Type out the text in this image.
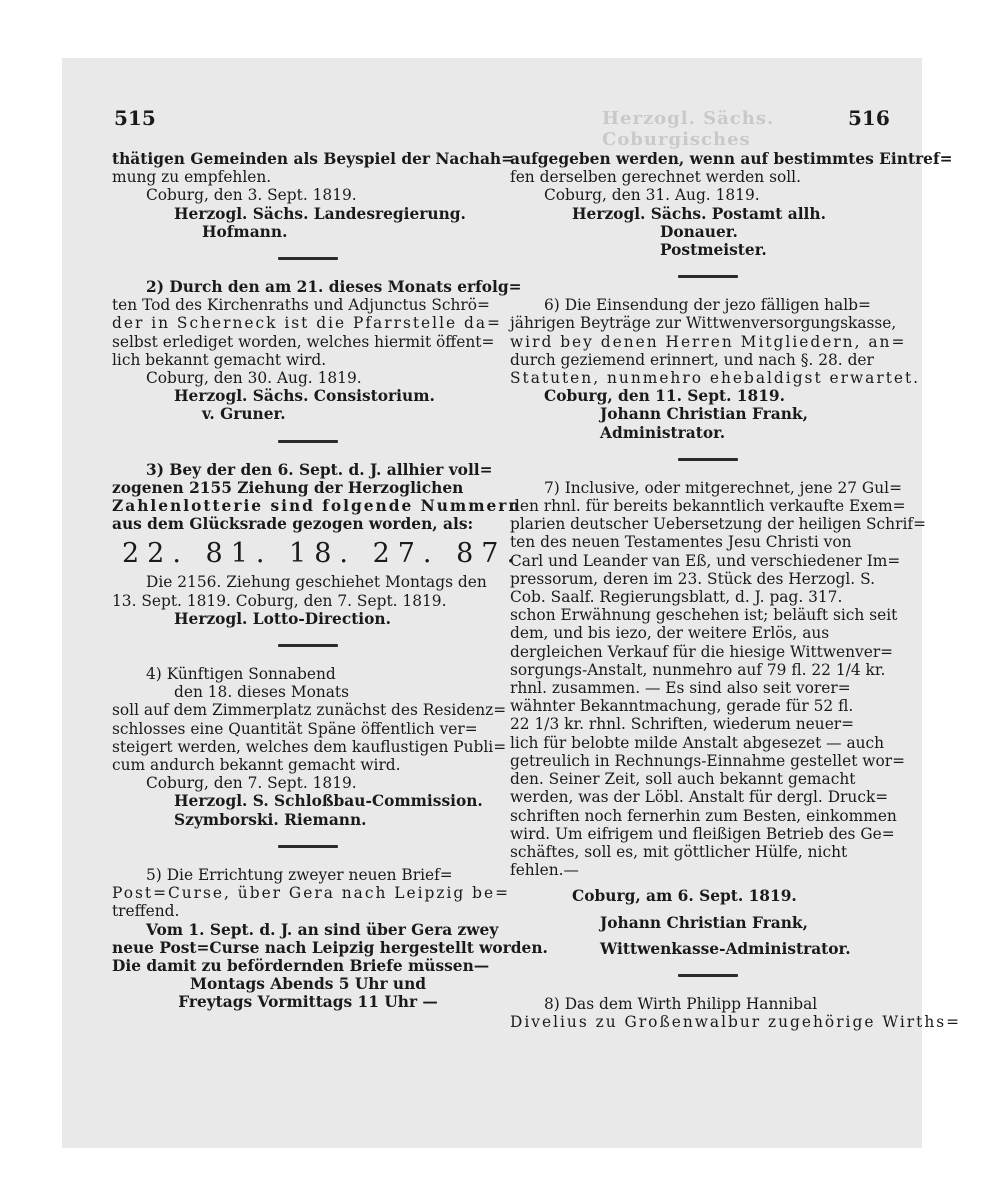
515	516
Herzogl. Sächs. Coburgisches
thätigen Gemeinden als Beyspiel der Nachah=
mung zu empfehlen.
Coburg, den 3. Sept. 1819.
Herzogl. Sächs. Landesregierung.
Hofmann.
2) Durch den am 21. dieses Monats erfolg=
ten Tod des Kirchenraths und Adjunctus Schrö=
der in Scherneck ist die Pfarrstelle da=
selbst erlediget worden, welches hiermit öffent=
lich bekannt gemacht wird.
Coburg, den 30. Aug. 1819.
Herzogl. Sächs. Consistorium.
v. Gruner.
3) Bey der den 6. Sept. d. J. allhier voll=
zogenen 2155 Ziehung der Herzoglichen
Zahlenlotterie sind folgende Nummern
aus dem Glücksrade gezogen worden, als:
22. 81. 18. 27. 87.
Die 2156. Ziehung geschiehet Montags den
13. Sept. 1819. Coburg, den 7. Sept. 1819.
Herzogl. Lotto-Direction.
4) Künftigen Sonnabend
den 18. dieses Monats
soll auf dem Zimmerplatz zunächst des Residenz=
schlosses eine Quantität Späne öffentlich ver=
steigert werden, welches dem kauflustigen Publi=
cum andurch bekannt gemacht wird.
Coburg, den 7. Sept. 1819.
Herzogl. S. Schloßbau-Commission.
Szymborski. Riemann.
5) Die Errichtung zweyer neuen Brief=
Post=Curse, über Gera nach Leipzig be=
treffend.
Vom 1. Sept. d. J. an sind über Gera zwey
neue Post=Curse nach Leipzig hergestellt worden.
Die damit zu befördernden Briefe müssen—
Montags Abends 5 Uhr und
Freytags Vormittags 11 Uhr —
aufgegeben werden, wenn auf bestimmtes Eintref=
fen derselben gerechnet werden soll.
Coburg, den 31. Aug. 1819.
Herzogl. Sächs. Postamt allh.
Donauer.
Postmeister.
6) Die Einsendung der jezo fälligen halb=
jährigen Beyträge zur Wittwenversorgungskasse,
wird bey denen Herren Mitgliedern, an=
durch geziemend erinnert, und nach §. 28. der
Statuten, nunmehro ehebaldigst erwartet.
Coburg, den 11. Sept. 1819.
Johann Christian Frank,
Administrator.
7) Inclusive, oder mitgerechnet, jene 27 Gul=
den rhnl. für bereits bekanntlich verkaufte Exem=
plarien deutscher Uebersetzung der heiligen Schrif=
ten des neuen Testamentes Jesu Christi von
Carl und Leander van Eß, und verschiedener Im=
pressorum, deren im 23. Stück des Herzogl. S.
Cob. Saalf. Regierungsblatt, d. J. pag. 317.
schon Erwähnung geschehen ist; beläuft sich seit
dem, und bis iezo, der weitere Erlös, aus
dergleichen Verkauf für die hiesige Wittwenver=
sorgungs-Anstalt, nunmehro auf 79 fl. 22 1/4 kr.
rhnl. zusammen. — Es sind also seit vorer=
wähnter Bekanntmachung, gerade für 52 fl.
22 1/3 kr. rhnl. Schriften, wiederum neuer=
lich für belobte milde Anstalt abgesezet — auch
getreulich in Rechnungs-Einnahme gestellet wor=
den. Seiner Zeit, soll auch bekannt gemacht
werden, was der Löbl. Anstalt für dergl. Druck=
schriften noch fernerhin zum Besten, einkommen
wird. Um eifrigem und fleißigen Betrieb des Ge=
schäftes, soll es, mit göttlicher Hülfe, nicht
fehlen.—
Coburg, am 6. Sept. 1819.
Johann Christian Frank,
Wittwenkasse-Administrator.
8) Das dem Wirth Philipp Hannibal
Divelius zu Großenwalbur zugehörige Wirths=
